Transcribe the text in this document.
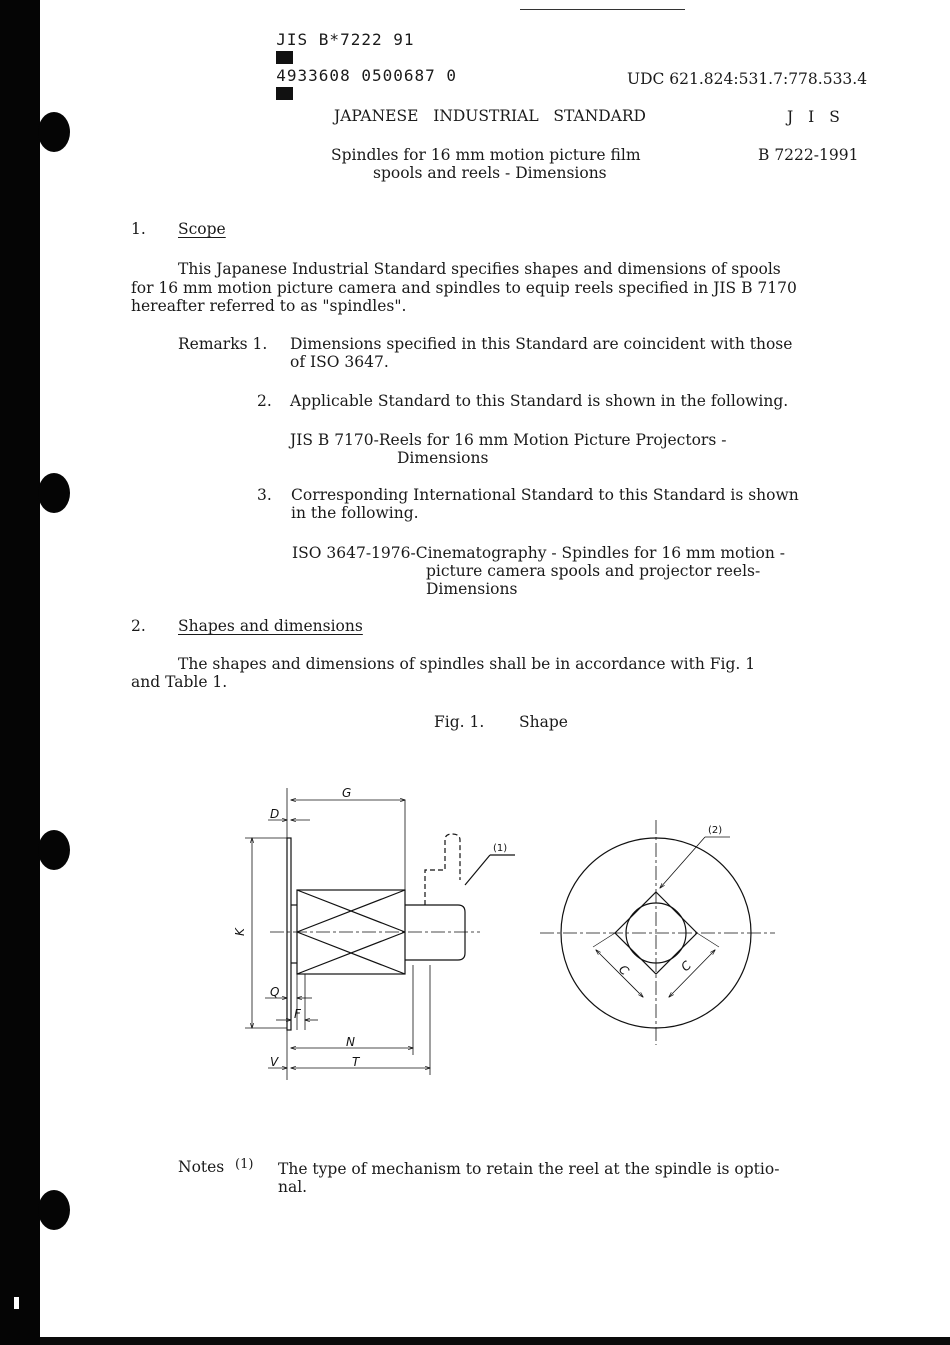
JIS B*7222 91

4933608 0500687 0
	UDC 621.824:531.7:778.533.4
JAPANESE   INDUSTRIAL   STANDARD	J I S
Spindles for 16 mm motion picture film
spools and reels - Dimensions
B 7222-1991
1. Scope
This Japanese Industrial Standard specifies shapes and dimensions of spools
for 16 mm motion picture camera and spindles to equip reels specified in JIS B 7170
hereafter referred to as "spindles".
Remarks 1. Dimensions specified in this Standard are coincident with those
of ISO 3647.
2. Applicable Standard to this Standard is shown in the following.
JIS B 7170-Reels for 16 mm Motion Picture Projectors -
Dimensions
3. Corresponding International Standard to this Standard is shown
in the following.
ISO 3647-1976-Cinematography - Spindles for 16 mm motion -
picture camera spools and projector reels-
Dimensions
2. Shapes and dimensions
The shapes and dimensions of spindles shall be in accordance with Fig. 1
and Table 1.
Fig. 1. Shape
G
D
K
Q
F
N
V	T
C	C
(1)
(2)
Notes (1) The type of mechanism to retain the reel at the spindle is optio-
nal.
